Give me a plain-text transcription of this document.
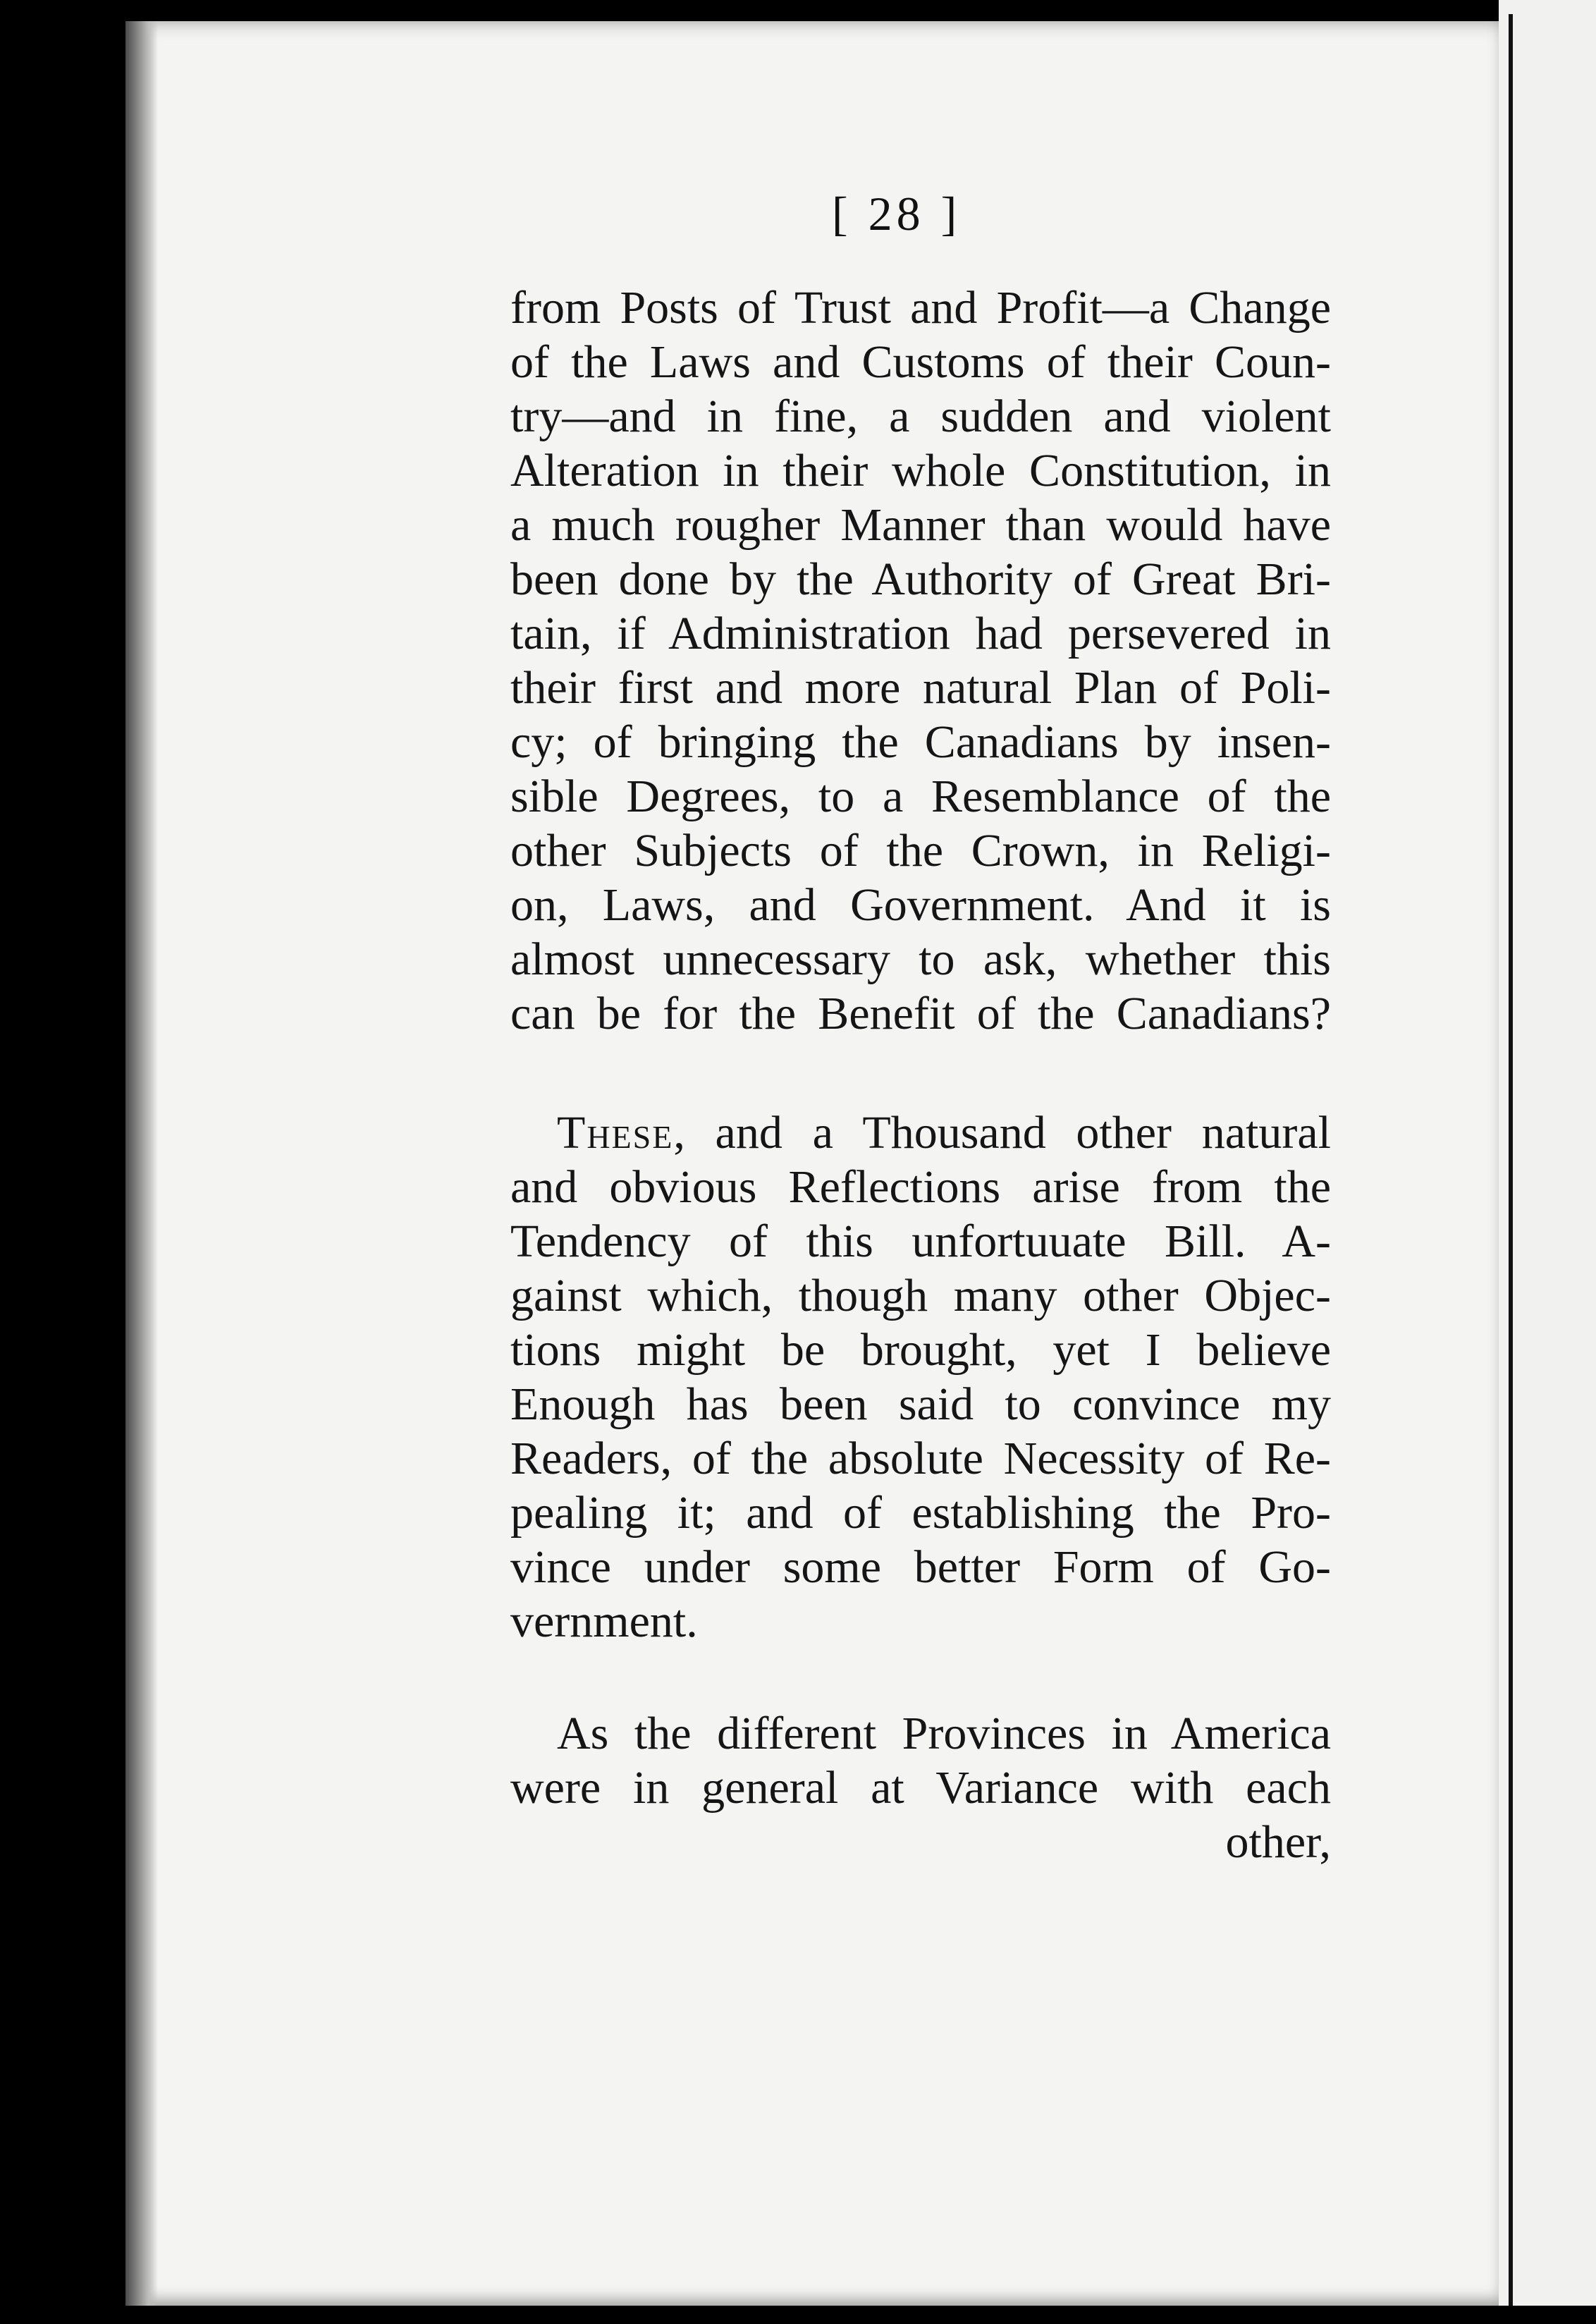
[ 28 ]
from Posts of Trust and Profit—a Change
of the Laws and Customs of their Coun-
try—and in fine, a sudden and violent
Alteration in their whole Constitution, in
a much rougher Manner than would have
been done by the Authority of Great Bri-
tain, if Administration had persevered in
their first and more natural Plan of Poli-
cy; of bringing the Canadians by insen-
sible Degrees, to a Resemblance of the
other Subjects of the Crown, in Religi-
on, Laws, and Government. And it is
almost unnecessary to ask, whether this
can be for the Benefit of the Canadians?
These, and a Thousand other natural
and obvious Reflections arise from the
Tendency of this unfortuuate Bill. A-
gainst which, though many other Objec-
tions might be brought, yet I believe
Enough has been said to convince my
Readers, of the absolute Necessity of Re-
pealing it; and of establishing the Pro-
vince under some better Form of Go-
vernment.
As the different Provinces in America
were in general at Variance with each
other,
